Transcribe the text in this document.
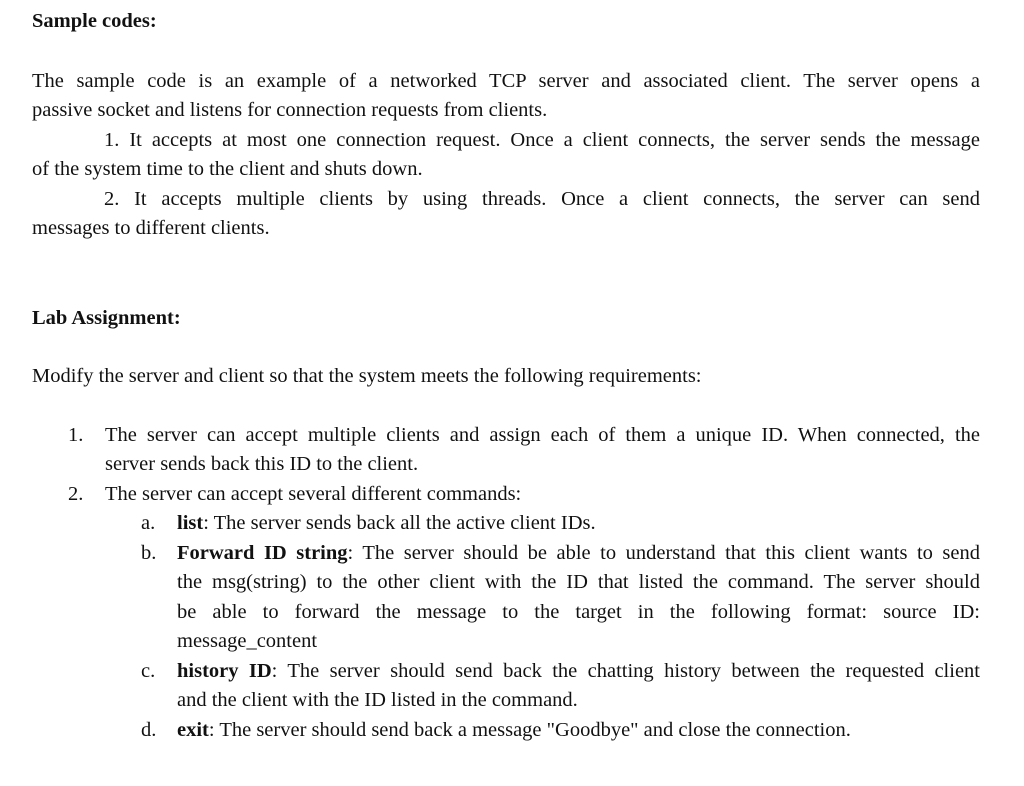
Sample codes:
The sample code is an example of a networked TCP server and associated client. The server opens a
passive socket and listens for connection requests from clients.
1. It accepts at most one connection request. Once a client connects, the server sends the message
of the system time to the client and shuts down.
2. It accepts multiple clients by using threads. Once a client connects, the server can send
messages to different clients.
Lab Assignment:
Modify the server and client so that the system meets the following requirements:
1. The server can accept multiple clients and assign each of them a unique ID. When connected, the
server sends back this ID to the client.
2. The server can accept several different commands:
a. list: The server sends back all the active client IDs.
b. Forward ID string: The server should be able to understand that this client wants to send
the msg(string) to the other client with the ID that listed the command. The server should
be able to forward the message to the target in the following format: source ID:
message_content
c. history ID: The server should send back the chatting history between the requested client
and the client with the ID listed in the command.
d. exit: The server should send back a message "Goodbye" and close the connection.
